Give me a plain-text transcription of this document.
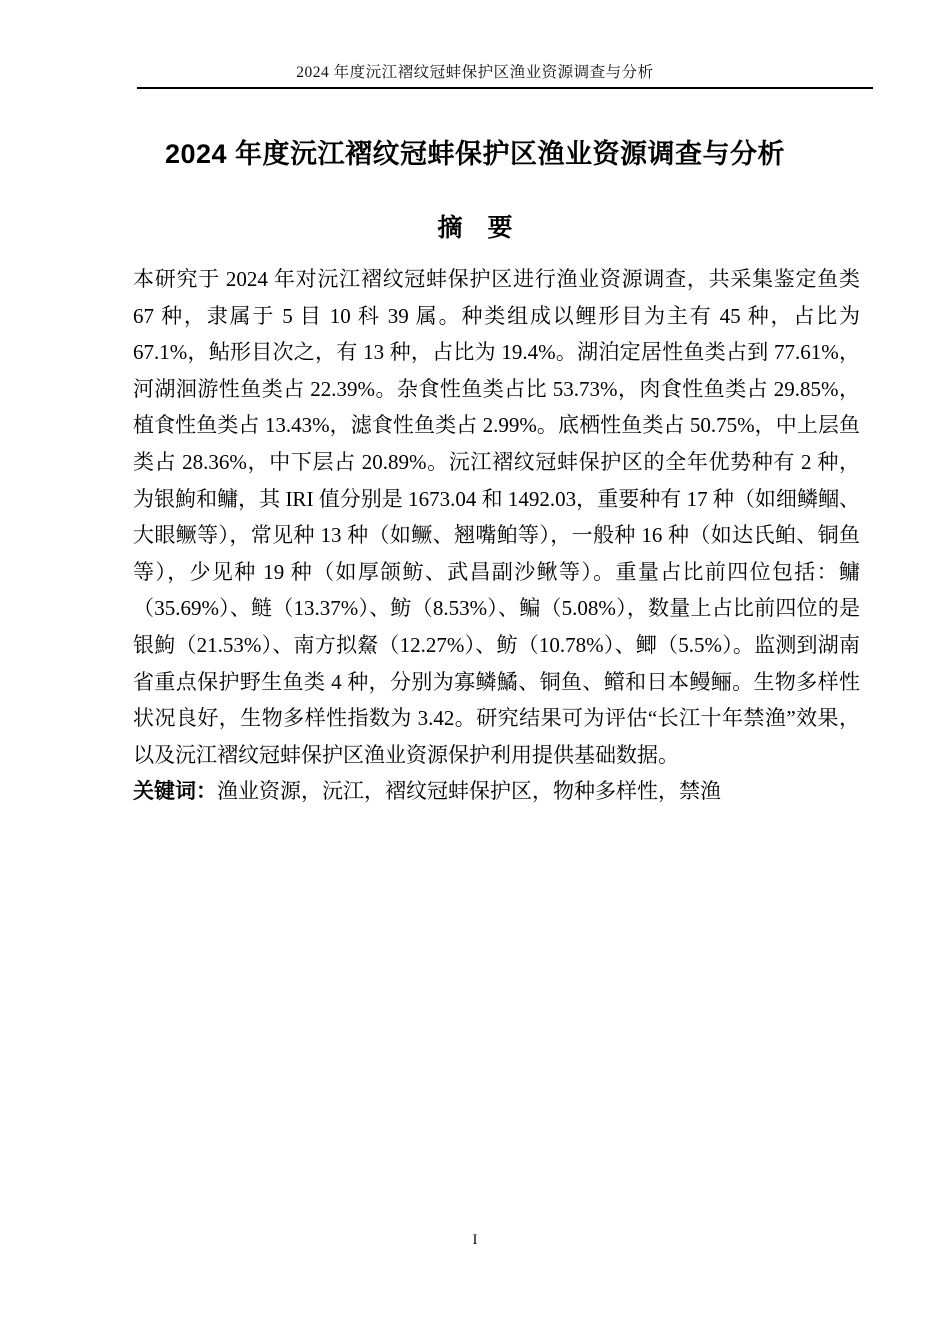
2024 年度沅江褶纹冠蚌保护区渔业资源调查与分析
2024 年度沅江褶纹冠蚌保护区渔业资源调查与分析
摘　要

本研究于 2024 年对沅江褶纹冠蚌保护区进行渔业资源调查，共采集鉴定鱼类 67 种，隶属于 5 目 10 科 39 属。种类组成以鲤形目为主有 45 种，占比为 67.1%，鲇形目次之，有 13 种，占比为 19.4%。湖泊定居性鱼类占到 77.61%，河湖洄游性鱼类占 22.39%。杂食性鱼类占比 53.73%，肉食性鱼类占 29.85%，植食性鱼类占 13.43%，滤食性鱼类占 2.99%。底栖性鱼类占 50.75%，中上层鱼类占 28.36%，中下层占 20.89%。沅江褶纹冠蚌保护区的全年优势种有 2 种，为银鮈和鳙，其 IRI 值分别是 1673.04 和 1492.03，重要种有 17 种（如细鳞鲴、大眼鳜等），常见种 13 种（如鳜、翘嘴鲌等），一般种 16 种（如达氏鲌、铜鱼等），少见种 19 种（如厚颌鲂、武昌副沙鳅等）。重量占比前四位包括：鳙（35.69%）、鲢（13.37%）、鲂（8.53%）、鳊（5.08%），数量上占比前四位的是银鮈（21.53%）、南方拟䱗（12.27%）、鲂（10.78%）、鲫（5.5%）。监测到湖南省重点保护野生鱼类 4 种，分别为寡鳞鱊、铜鱼、鳤和日本鳗鲡。生物多样性状况良好，生物多样性指数为 3.42。研究结果可为评估“长江十年禁渔”效果，以及沅江褶纹冠蚌保护区渔业资源保护利用提供基础数据。

关键词：渔业资源，沅江，褶纹冠蚌保护区，物种多样性，禁渔

I
